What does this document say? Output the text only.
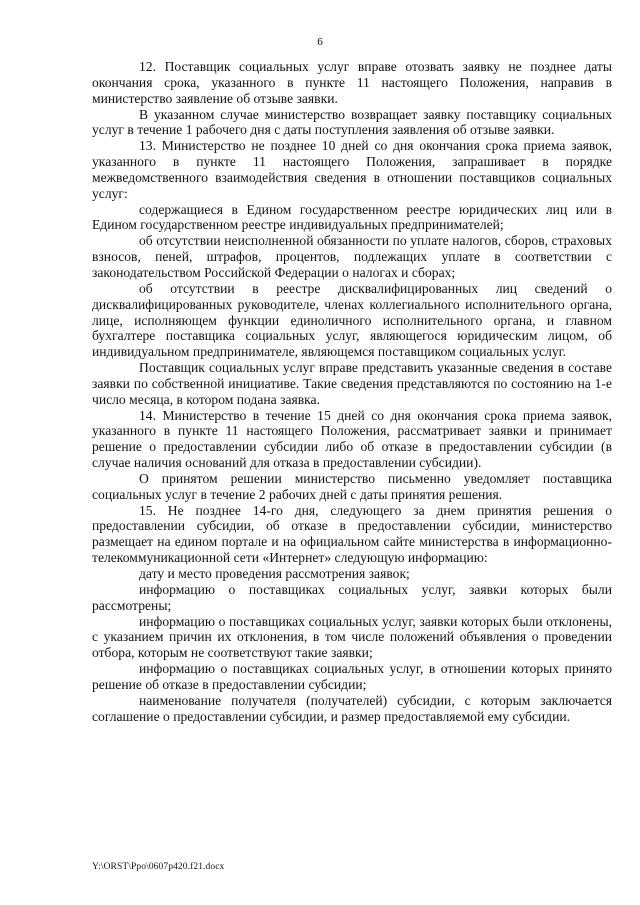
6

12. Поставщик социальных услуг вправе отозвать заявку не позднее даты окончания срока, указанного в пункте 11 настоящего Положения, направив в министерство заявление об отзыве заявки.

В указанном случае министерство возвращает заявку поставщику социальных услуг в течение 1 рабочего дня с даты поступления заявления об отзыве заявки.

13. Министерство не позднее 10 дней со дня окончания срока приема заявок, указанного в пункте 11 настоящего Положения, запрашивает в порядке межведомственного взаимодействия сведения в отношении поставщиков социальных услуг:

содержащиеся в Едином государственном реестре юридических лиц или в Едином государственном реестре индивидуальных предпринимателей;

об отсутствии неисполненной обязанности по уплате налогов, сборов, страховых взносов, пеней, штрафов, процентов, подлежащих уплате в соответствии с законодательством Российской Федерации о налогах и сборах;

об отсутствии в реестре дисквалифицированных лиц сведений о дисквалифицированных руководителе, членах коллегиального исполнительного органа, лице, исполняющем функции единоличного исполнительного органа, и главном бухгалтере поставщика социальных услуг, являющегося юридическим лицом, об индивидуальном предпринимателе, являющемся поставщиком социальных услуг.

Поставщик социальных услуг вправе представить указанные сведения в составе заявки по собственной инициативе. Такие сведения представляются по состоянию на 1-е число месяца, в котором подана заявка.

14. Министерство в течение 15 дней со дня окончания срока приема заявок, указанного в пункте 11 настоящего Положения, рассматривает заявки и принимает решение о предоставлении субсидии либо об отказе в предоставлении субсидии (в случае наличия оснований для отказа в предоставлении субсидии).

О принятом решении министерство письменно уведомляет поставщика социальных услуг в течение 2 рабочих дней с даты принятия решения.

15. Не позднее 14-го дня, следующего за днем принятия решения о предоставлении субсидии, об отказе в предоставлении субсидии, министерство размещает на едином портале и на официальном сайте министерства в информационно-телекоммуникационной сети «Интернет» следующую информацию:

дату и место проведения рассмотрения заявок;

информацию о поставщиках социальных услуг, заявки которых были рассмотрены;

информацию о поставщиках социальных услуг, заявки которых были отклонены, с указанием причин их отклонения, в том числе положений объявления о проведении отбора, которым не соответствуют такие заявки;

информацию о поставщиках социальных услуг, в отношении которых принято решение об отказе в предоставлении субсидии;

наименование получателя (получателей) субсидии, с которым заключается соглашение о предоставлении субсидии, и размер предоставляемой ему субсидии.

Y:\ORST\Ppo\0607p420.f21.docx
